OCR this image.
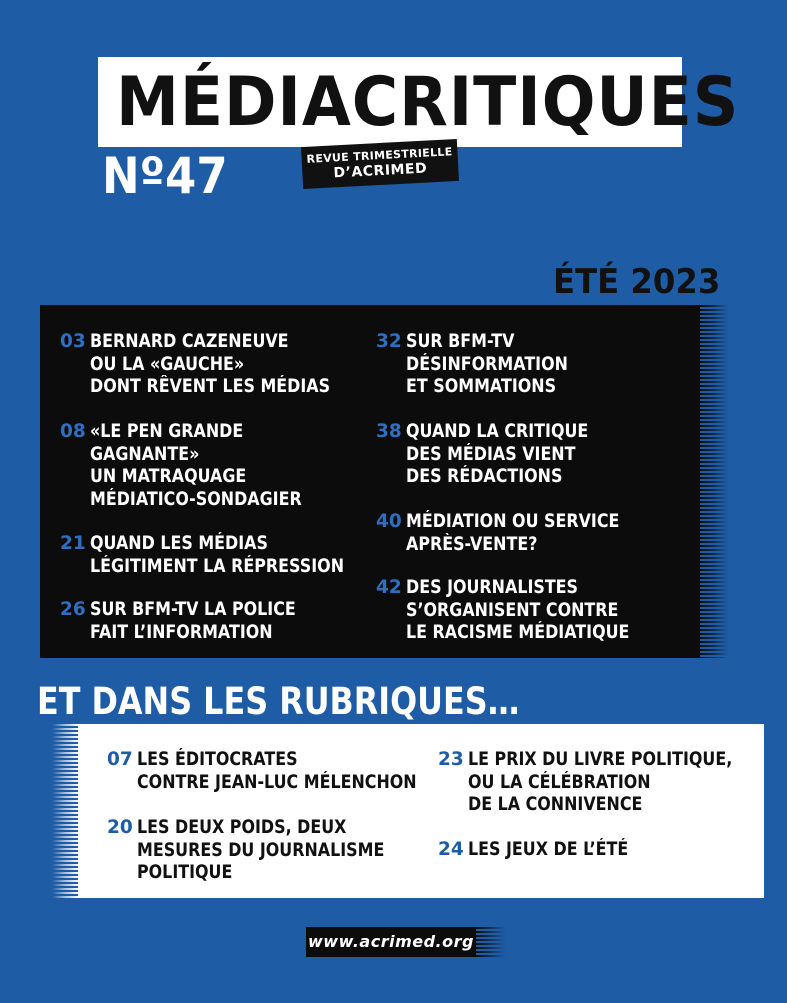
MÉDIACRITIQUES
Nº47	REVUE TRIMESTRIELLE
D’ACRIMED
ÉTÉ 2023
03 BERNARD CAZENEUVE
OU LA «GAUCHE»
DONT RÊVENT LES MÉDIAS
08 «LE PEN GRANDE
GAGNANTE»
UN MATRAQUAGE
MÉDIATICO-SONDAGIER
21 QUAND LES MÉDIAS
LÉGITIMENT LA RÉPRESSION
26 SUR BFM-TV LA POLICE
FAIT L’INFORMATION
32 SUR BFM-TV
DÉSINFORMATION
ET SOMMATIONS
38 QUAND LA CRITIQUE
DES MÉDIAS VIENT
DES RÉDACTIONS
40 MÉDIATION OU SERVICE
APRÈS-VENTE?
42 DES JOURNALISTES
S’ORGANISENT CONTRE
LE RACISME MÉDIATIQUE
ET DANS LES RUBRIQUES…
07 LES ÉDITOCRATES
CONTRE JEAN-LUC MÉLENCHON
20 LES DEUX POIDS, DEUX
MESURES DU JOURNALISME
POLITIQUE
23 LE PRIX DU LIVRE POLITIQUE,
OU LA CÉLÉBRATION
DE LA CONNIVENCE
24 LES JEUX DE L’ÉTÉ
www.acrimed.org
